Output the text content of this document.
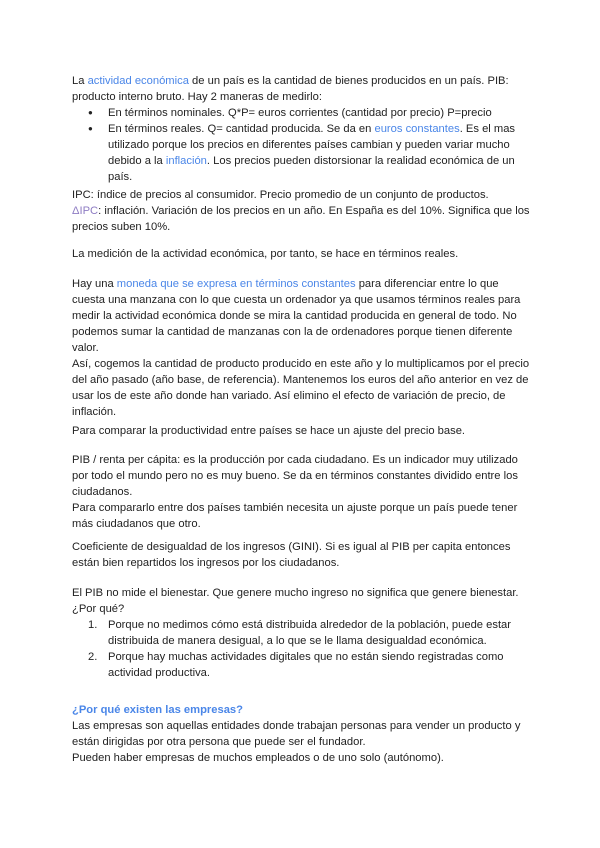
La actividad económica de un país es la cantidad de bienes producidos en un país. PIB: producto interno bruto. Hay 2 maneras de medirlo:

● En términos nominales. Q*P= euros corrientes (cantidad por precio) P=precio
● En términos reales. Q= cantidad producida. Se da en euros constantes. Es el mas utilizado porque los precios en diferentes países cambian y pueden variar mucho debido a la inflación. Los precios pueden distorsionar la realidad económica de un país.

IPC: índice de precios al consumidor. Precio promedio de un conjunto de productos.
ΔIPC: inflación. Variación de los precios en un año. En España es del 10%. Significa que los precios suben 10%.

La medición de la actividad económica, por tanto, se hace en términos reales.

Hay una moneda que se expresa en términos constantes para diferenciar entre lo que cuesta una manzana con lo que cuesta un ordenador ya que usamos términos reales para medir la actividad económica donde se mira la cantidad producida en general de todo. No podemos sumar la cantidad de manzanas con la de ordenadores porque tienen diferente valor.
Así, cogemos la cantidad de producto producido en este año y lo multiplicamos por el precio del año pasado (año base, de referencia). Mantenemos los euros del año anterior en vez de usar los de este año donde han variado. Así elimino el efecto de variación de precio, de inflación.

Para comparar la productividad entre países se hace un ajuste del precio base.

PIB / renta per cápita: es la producción por cada ciudadano. Es un indicador muy utilizado por todo el mundo pero no es muy bueno. Se da en términos constantes dividido entre los ciudadanos.
Para compararlo entre dos países también necesita un ajuste porque un país puede tener más ciudadanos que otro.

Coeficiente de desigualdad de los ingresos (GINI). Si es igual al PIB per capita entonces están bien repartidos los ingresos por los ciudadanos.

El PIB no mide el bienestar. Que genere mucho ingreso no significa que genere bienestar.
¿Por qué?

1. Porque no medimos cómo está distribuida alrededor de la población, puede estar distribuida de manera desigual, a lo que se le llama desigualdad económica.
2. Porque hay muchas actividades digitales que no están siendo registradas como actividad productiva.

¿Por qué existen las empresas?

Las empresas son aquellas entidades donde trabajan personas para vender un producto y están dirigidas por otra persona que puede ser el fundador.
Pueden haber empresas de muchos empleados o de uno solo (autónomo).
